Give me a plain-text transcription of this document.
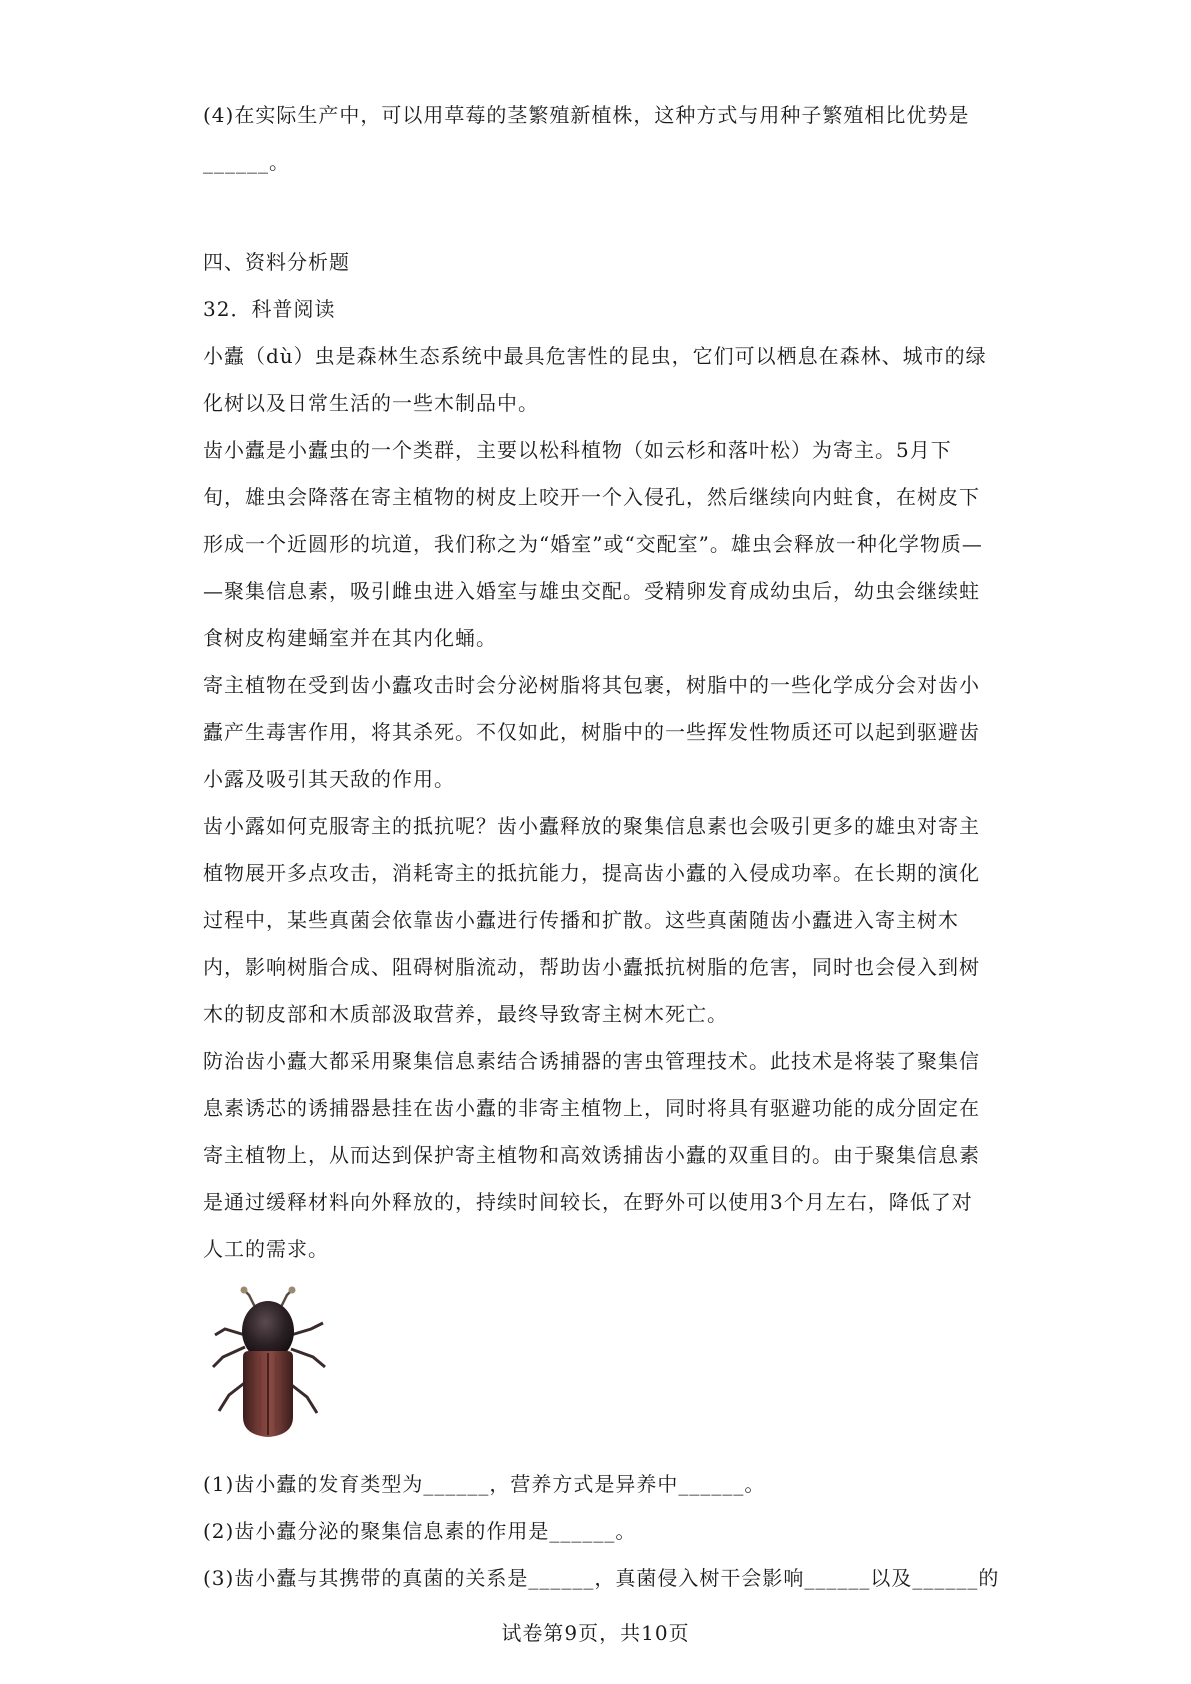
(4)在实际生产中，可以用草莓的茎繁殖新植株，这种方式与用种子繁殖相比优势是

______。

四、资料分析题

32．科普阅读

小蠹（dù）虫是森林生态系统中最具危害性的昆虫，它们可以栖息在森林、城市的绿

化树以及日常生活的一些木制品中。

齿小蠹是小蠹虫的一个类群，主要以松科植物（如云杉和落叶松）为寄主。5月下

旬，雄虫会降落在寄主植物的树皮上咬开一个入侵孔，然后继续向内蛀食，在树皮下

形成一个近圆形的坑道，我们称之为“婚室”或“交配室”。雄虫会释放一种化学物质—

—聚集信息素，吸引雌虫进入婚室与雄虫交配。受精卵发育成幼虫后，幼虫会继续蛀

食树皮构建蛹室并在其内化蛹。

寄主植物在受到齿小蠹攻击时会分泌树脂将其包裹，树脂中的一些化学成分会对齿小

蠹产生毒害作用，将其杀死。不仅如此，树脂中的一些挥发性物质还可以起到驱避齿

小露及吸引其天敌的作用。

齿小露如何克服寄主的抵抗呢？齿小蠹释放的聚集信息素也会吸引更多的雄虫对寄主

植物展开多点攻击，消耗寄主的抵抗能力，提高齿小蠹的入侵成功率。在长期的演化

过程中，某些真菌会依靠齿小蠹进行传播和扩散。这些真菌随齿小蠹进入寄主树木

内，影响树脂合成、阻碍树脂流动，帮助齿小蠹抵抗树脂的危害，同时也会侵入到树

木的韧皮部和木质部汲取营养，最终导致寄主树木死亡。

防治齿小蠹大都采用聚集信息素结合诱捕器的害虫管理技术。此技术是将装了聚集信

息素诱芯的诱捕器悬挂在齿小蠹的非寄主植物上，同时将具有驱避功能的成分固定在

寄主植物上，从而达到保护寄主植物和高效诱捕齿小蠹的双重目的。由于聚集信息素

是通过缓释材料向外释放的，持续时间较长，在野外可以使用3个月左右，降低了对

人工的需求。

(1)齿小蠹的发育类型为______，营养方式是异养中______。

(2)齿小蠹分泌的聚集信息素的作用是______。

(3)齿小蠹与其携带的真菌的关系是______，真菌侵入树干会影响______以及______的

试卷第9页，共10页
